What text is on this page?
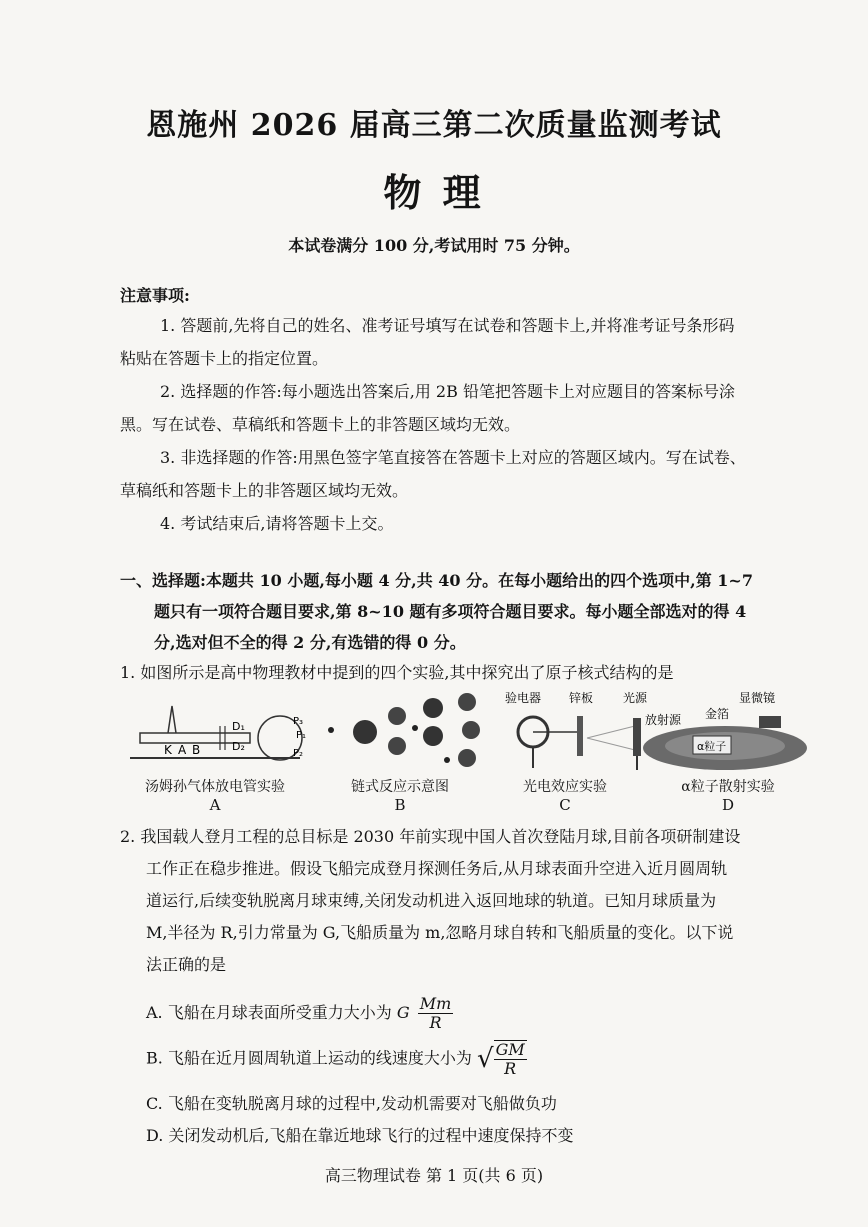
恩施州 2026 届高三第二次质量监测考试
物 理
本试卷满分 100 分,考试用时 75 分钟。
注意事项:
1. 答题前,先将自己的姓名、准考证号填写在试卷和答题卡上,并将准考证号条形码
粘贴在答题卡上的指定位置。
2. 选择题的作答:每小题选出答案后,用 2B 铅笔把答题卡上对应题目的答案标号涂
黑。写在试卷、草稿纸和答题卡上的非答题区域均无效。
3. 非选择题的作答:用黑色签字笔直接答在答题卡上对应的答题区域内。写在试卷、
草稿纸和答题卡上的非答题区域均无效。
4. 考试结束后,请将答题卡上交。
一、选择题:本题共 10 小题,每小题 4 分,共 40 分。在每小题给出的四个选项中,第 1~7
题只有一项符合题目要求,第 8~10 题有多项符合题目要求。每小题全部选对的得 4
分,选对但不全的得 2 分,有选错的得 0 分。
1. 如图所示是高中物理教材中提到的四个实验,其中探究出了原子核式结构的是
K A B
D₁
D₂
P₃
P₁
P₂
验电器 锌板 光源
α粒子
放射源 金箔
显微镜
汤姆孙气体放电管实验	链式反应示意图	光电效应实验	α粒子散射实验
A	B	C	D
2. 我国载人登月工程的总目标是 2030 年前实现中国人首次登陆月球,目前各项研制建设
工作正在稳步推进。假设飞船完成登月探测任务后,从月球表面升空进入近月圆周轨
道运行,后续变轨脱离月球束缚,关闭发动机进入返回地球的轨道。已知月球质量为
M,半径为 R,引力常量为 G,飞船质量为 m,忽略月球自转和飞船质量的变化。以下说
法正确的是
A. 飞船在月球表面所受重力大小为 G $\frac{Mm}{R}$
B. 飞船在近月圆周轨道上运动的线速度大小为 √ $\frac{GM}{R}$
C. 飞船在变轨脱离月球的过程中,发动机需要对飞船做负功
D. 关闭发动机后,飞船在靠近地球飞行的过程中速度保持不变
高三物理试卷 第 1 页(共 6 页)
